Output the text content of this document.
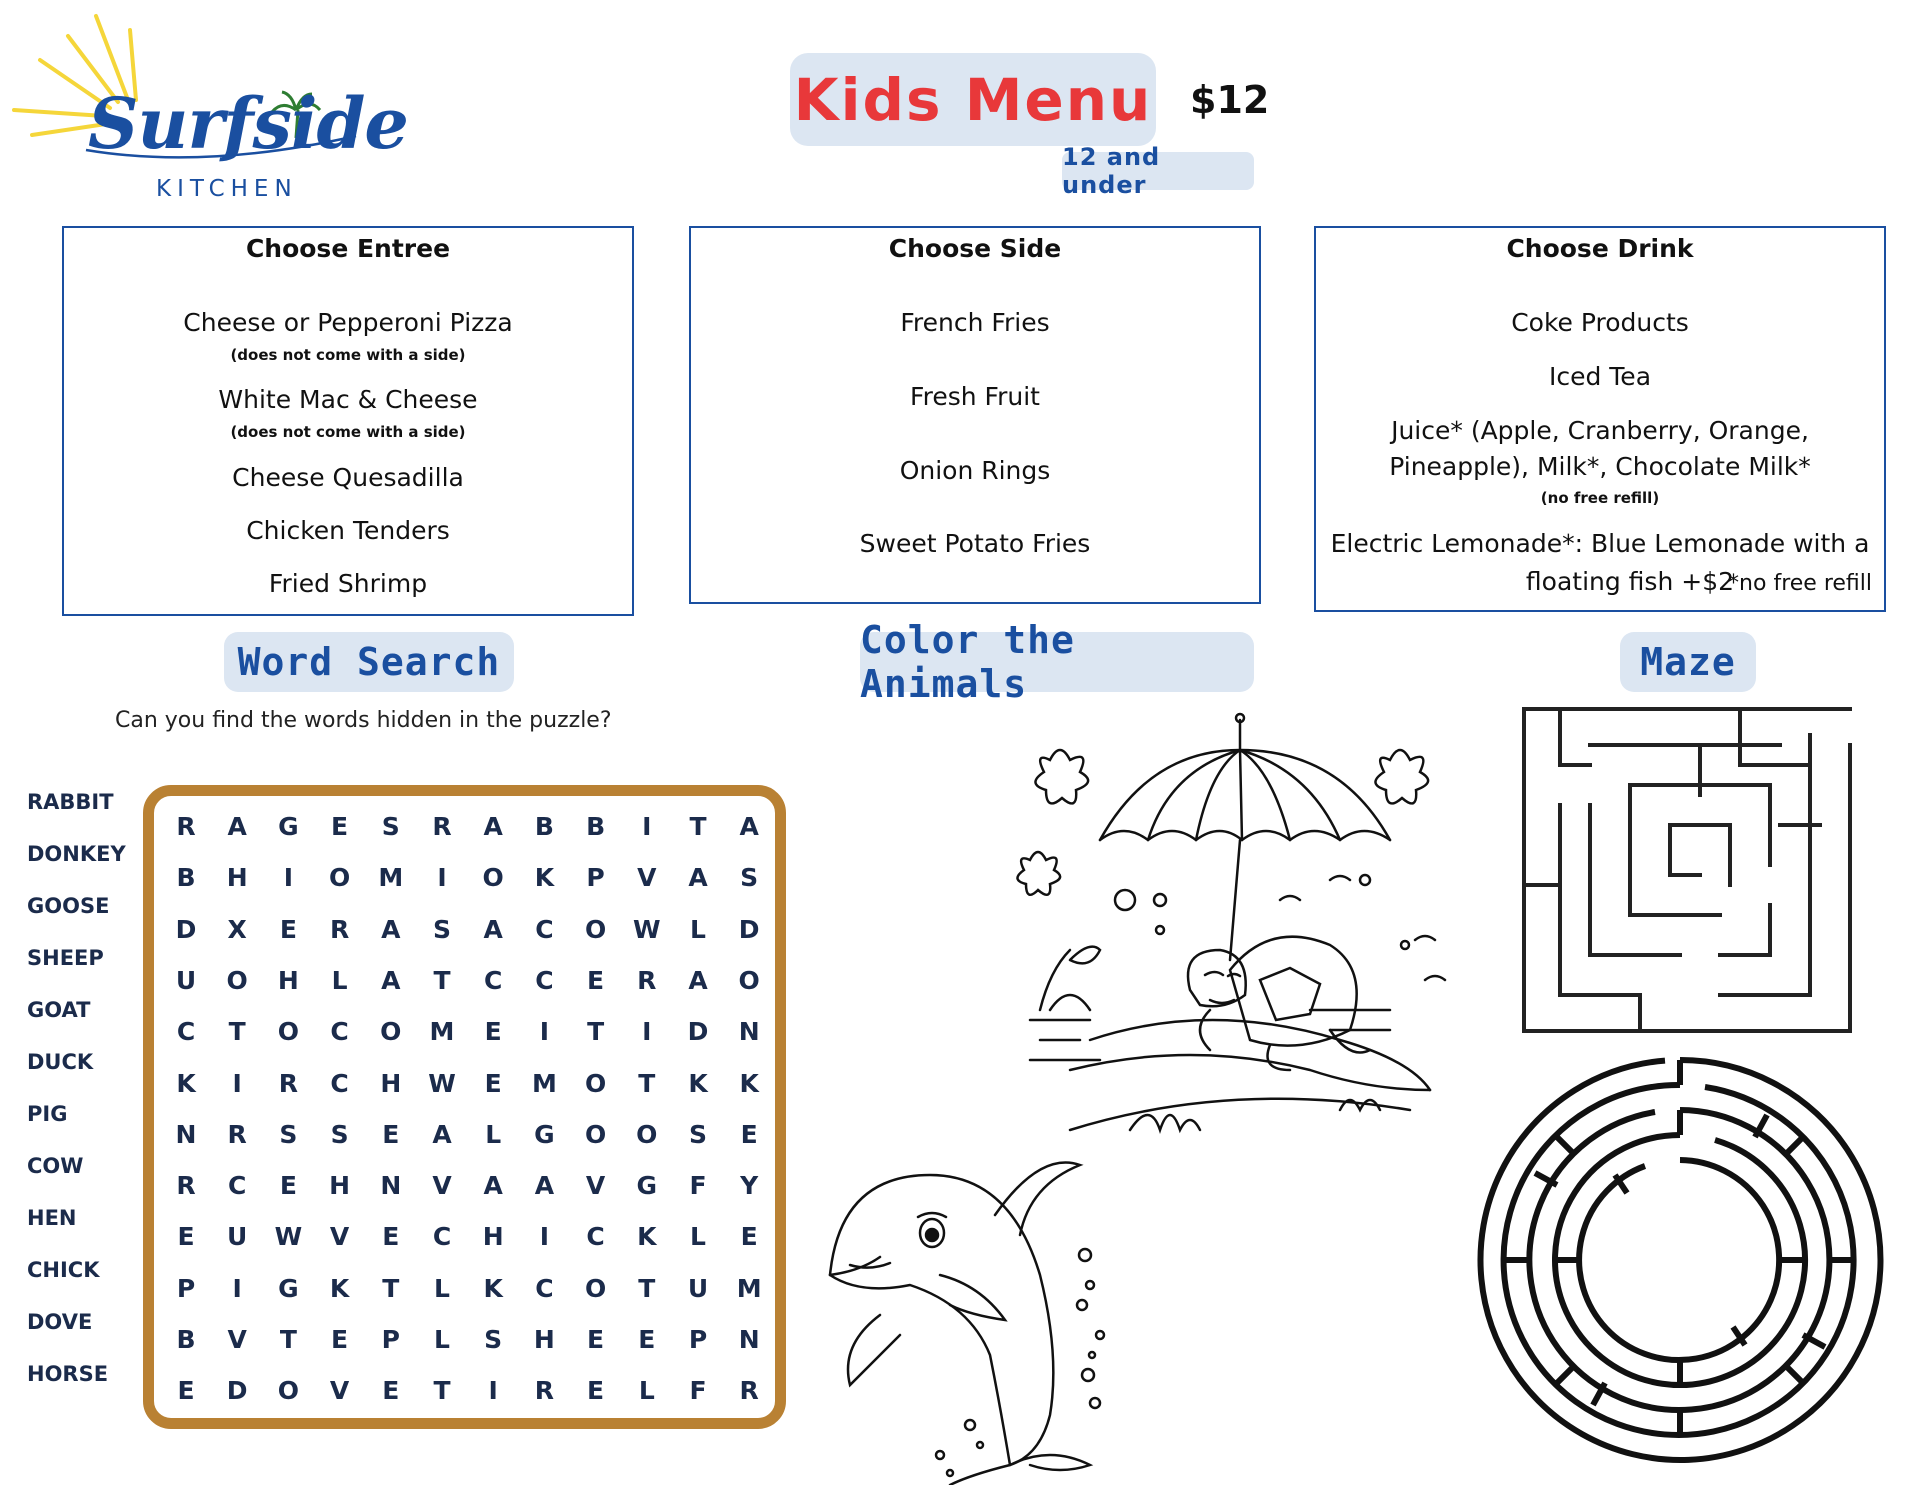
Surfside
KITCHEN
Kids Menu $12
12 and under
Choose Entree
Cheese or Pepperoni Pizza
(does not come with a side)
White Mac & Cheese
(does not come with a side)
Cheese Quesadilla
Chicken Tenders
Fried Shrimp
Choose Side
French Fries
Fresh Fruit
Onion Rings
Sweet Potato Fries
Choose Drink
Coke Products
Iced Tea
Juice* (Apple, Cranberry, Orange,
Pineapple), Milk*, Chocolate Milk*
(no free refill)
Electric Lemonade*: Blue Lemonade with a
floating fish +$2
*no free refill
Word Search	Color the Animals	Maze
Can you find the words hidden in the puzzle?
RABBIT
DONKEY
GOOSE
SHEEP
GOAT
DUCK
PIG
COW
HEN
CHICK
DOVE
HORSE
R	A	G	E	S	R	A	B	B	I	T	A
B	H	I	O	M	I	O	K	P	V	A	S
D	X	E	R	A	S	A	C	O	W	L	D
U	O	H	L	A	T	C	C	E	R	A	O
C	T	O	C	O	M	E	I	T	I	D	N
K	I	R	C	H	W	E	M	O	T	K	K
N	R	S	S	E	A	L	G	O	O	S	E
R	C	E	H	N	V	A	A	V	G	F	Y
E	U	W	V	E	C	H	I	C	K	L	E
P	I	G	K	T	L	K	C	O	T	U	M
B	V	T	E	P	L	S	H	E	E	P	N
E	D	O	V	E	T	I	R	E	L	F	R
